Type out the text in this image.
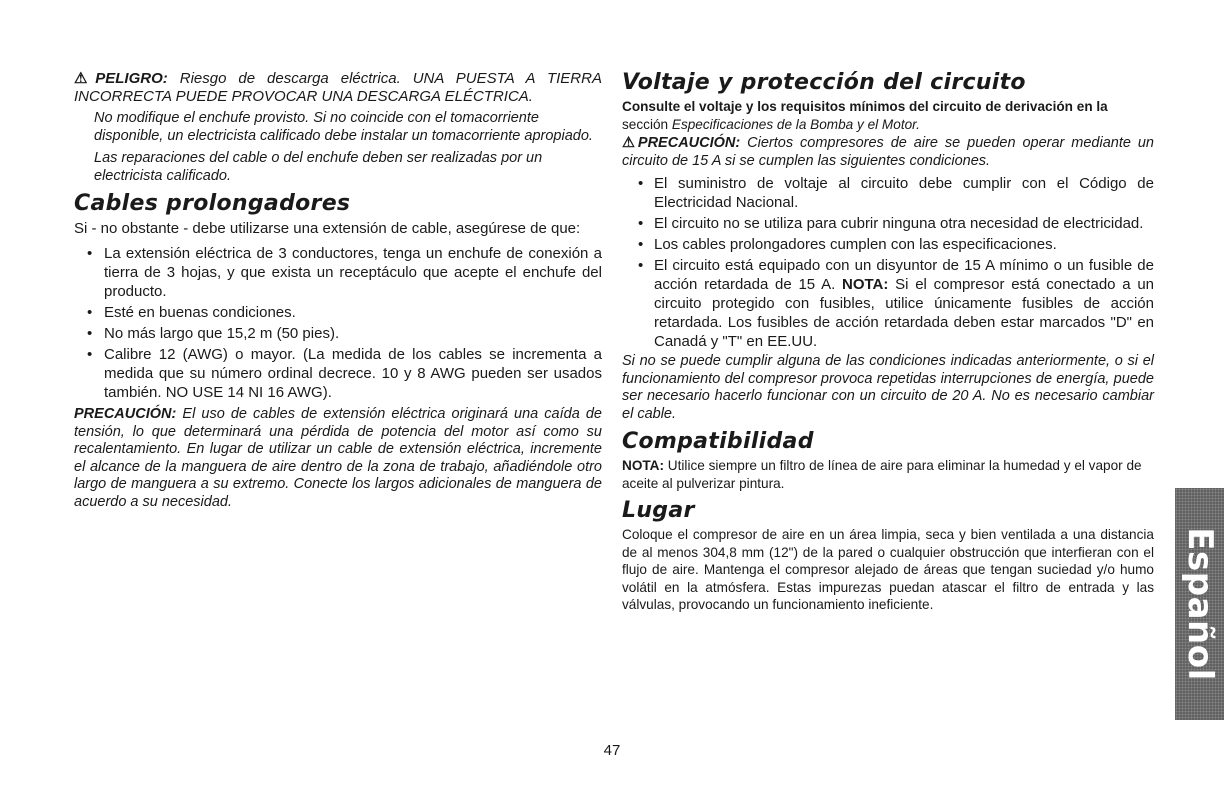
⚠PELIGRO: Riesgo de descarga eléctrica. UNA PUESTA A TIERRA INCORRECTA PUEDE PROVOCAR UNA DESCARGA ELÉCTRICA.

No modifique el enchufe provisto. Si no coincide con el tomacorriente disponible, un electricista calificado debe instalar un tomacorriente apropiado.

Las reparaciones del cable o del enchufe deben ser realizadas por un electricista calificado.

Cables prolongadores

Si - no obstante - debe utilizarse una extensión de cable, asegúrese de que:

• La extensión eléctrica de 3 conductores, tenga un enchufe de conexión a tierra de 3 hojas, y que exista un receptáculo que acepte el enchufe del producto.
• Esté en buenas condiciones.
• No más largo que 15,2 m (50 pies).
• Calibre 12 (AWG) o mayor. (La medida de los cables se incrementa a medida que su número ordinal decrece. 10 y 8 AWG pueden ser usados también. NO USE 14 NI 16 AWG).

PRECAUCIÓN: El uso de cables de extensión eléctrica originará una caída de tensión, lo que determinará una pérdida de potencia del motor así como su recalentamiento. En lugar de utilizar un cable de extensión eléctrica, incremente el alcance de la manguera de aire dentro de la zona de trabajo, añadiéndole otro largo de manguera a su extremo. Conecte los largos adicionales de manguera de acuerdo a su necesidad.

Voltaje y protección del circuito

Consulte el voltaje y los requisitos mínimos del circuito de derivación en la sección Especificaciones de la Bomba y el Motor.

⚠PRECAUCIÓN: Ciertos compresores de aire se pueden operar mediante un circuito de 15 A si se cumplen las siguientes condiciones.

• El suministro de voltaje al circuito debe cumplir con el Código de Electricidad Nacional.
• El circuito no se utiliza para cubrir ninguna otra necesidad de electricidad.
• Los cables prolongadores cumplen con las especificaciones.
• El circuito está equipado con un disyuntor de 15 A mínimo o un fusible de acción retardada de 15 A. NOTA: Si el compresor está conectado a un circuito protegido con fusibles, utilice únicamente fusibles de acción retardada. Los fusibles de acción retardada deben estar marcados "D" en Canadá y "T" en EE.UU.

Si no se puede cumplir alguna de las condiciones indicadas anteriormente, o si el funcionamiento del compresor provoca repetidas interrupciones de energía, puede ser necesario hacerlo funcionar con un circuito de 20 A. No es necesario cambiar el cable.

Compatibilidad

NOTA: Utilice siempre un filtro de línea de aire para eliminar la humedad y el vapor de aceite al pulverizar pintura.

Lugar

Coloque el compresor de aire en un área limpia, seca y bien ventilada a una distancia de al menos 304,8 mm (12") de la pared o cualquier obstrucción que interfieran con el flujo de aire. Mantenga el compresor alejado de áreas que tengan suciedad y/o humo volátil en la atmósfera. Estas impurezas puedan atascar el filtro de entrada y las válvulas, provocando un funcionamiento ineficiente.	Español
47
